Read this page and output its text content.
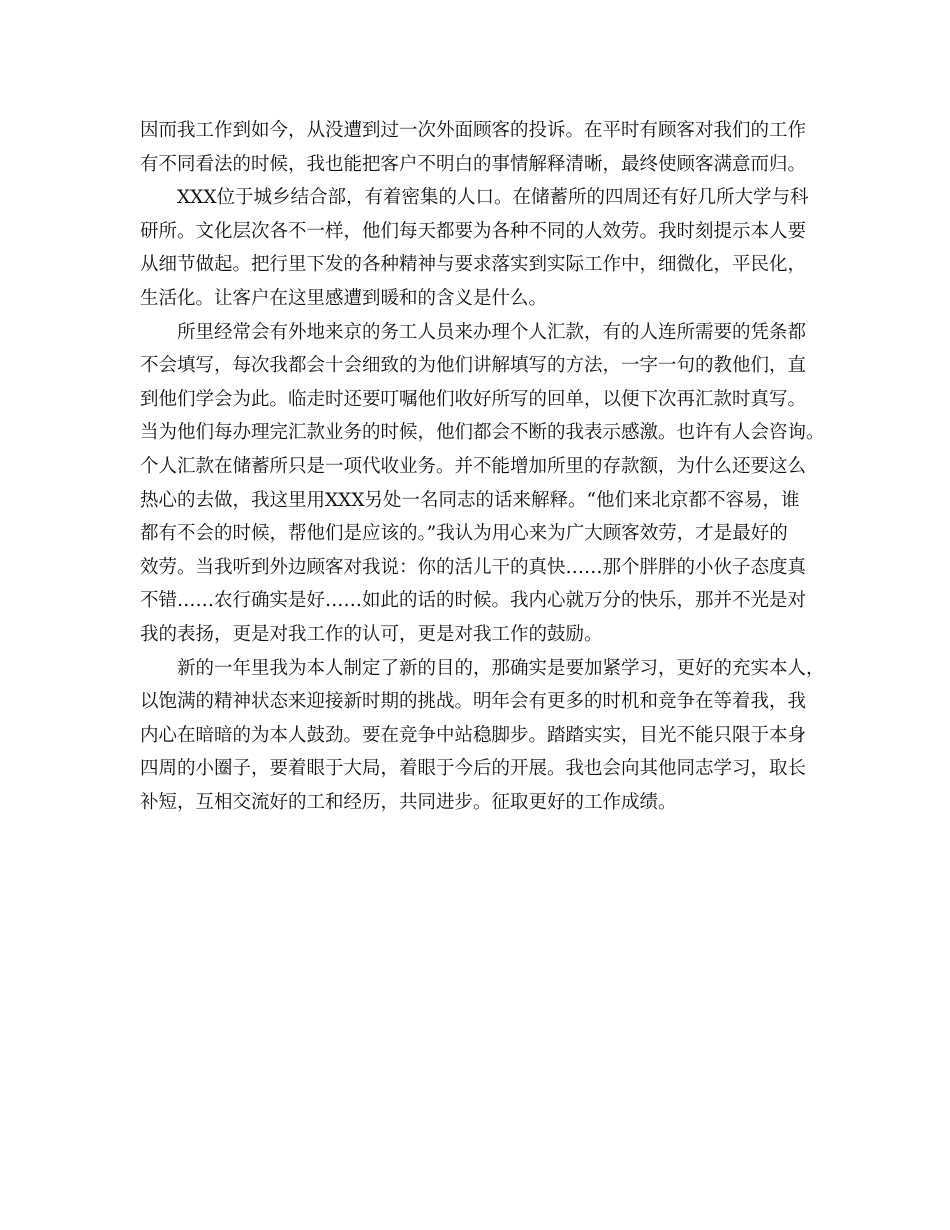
因而我工作到如今，从没遭到过一次外面顾客的投诉。在平时有顾客对我们的工作
有不同看法的时候，我也能把客户不明白的事情解释清晰，最终使顾客满意而归。
XXX位于城乡结合部，有着密集的人口。在储蓄所的四周还有好几所大学与科
研所。文化层次各不一样，他们每天都要为各种不同的人效劳。我时刻提示本人要
从细节做起。把行里下发的各种精神与要求落实到实际工作中，细微化，平民化，
生活化。让客户在这里感遭到暖和的含义是什么。
所里经常会有外地来京的务工人员来办理个人汇款，有的人连所需要的凭条都
不会填写，每次我都会十会细致的为他们讲解填写的方法，一字一句的教他们，直
到他们学会为此。临走时还要叮嘱他们收好所写的回单，以便下次再汇款时真写。
当为他们每办理完汇款业务的时候，他们都会不断的我表示感激。也许有人会咨询。
个人汇款在储蓄所只是一项代收业务。并不能增加所里的存款额，为什么还要这么
热心的去做，我这里用XXX另处一名同志的话来解释。“他们来北京都不容易，谁
都有不会的时候，帮他们是应该的。”我认为用心来为广大顾客效劳，才是最好的
效劳。当我听到外边顾客对我说：你的活儿干的真快……那个胖胖的小伙子态度真
不错……农行确实是好……如此的话的时候。我内心就万分的快乐，那并不光是对
我的表扬，更是对我工作的认可，更是对我工作的鼓励。
新的一年里我为本人制定了新的目的，那确实是要加紧学习，更好的充实本人，
以饱满的精神状态来迎接新时期的挑战。明年会有更多的时机和竞争在等着我，我
内心在暗暗的为本人鼓劲。要在竞争中站稳脚步。踏踏实实，目光不能只限于本身
四周的小圈子，要着眼于大局，着眼于今后的开展。我也会向其他同志学习，取长
补短，互相交流好的工和经历，共同进步。征取更好的工作成绩。
